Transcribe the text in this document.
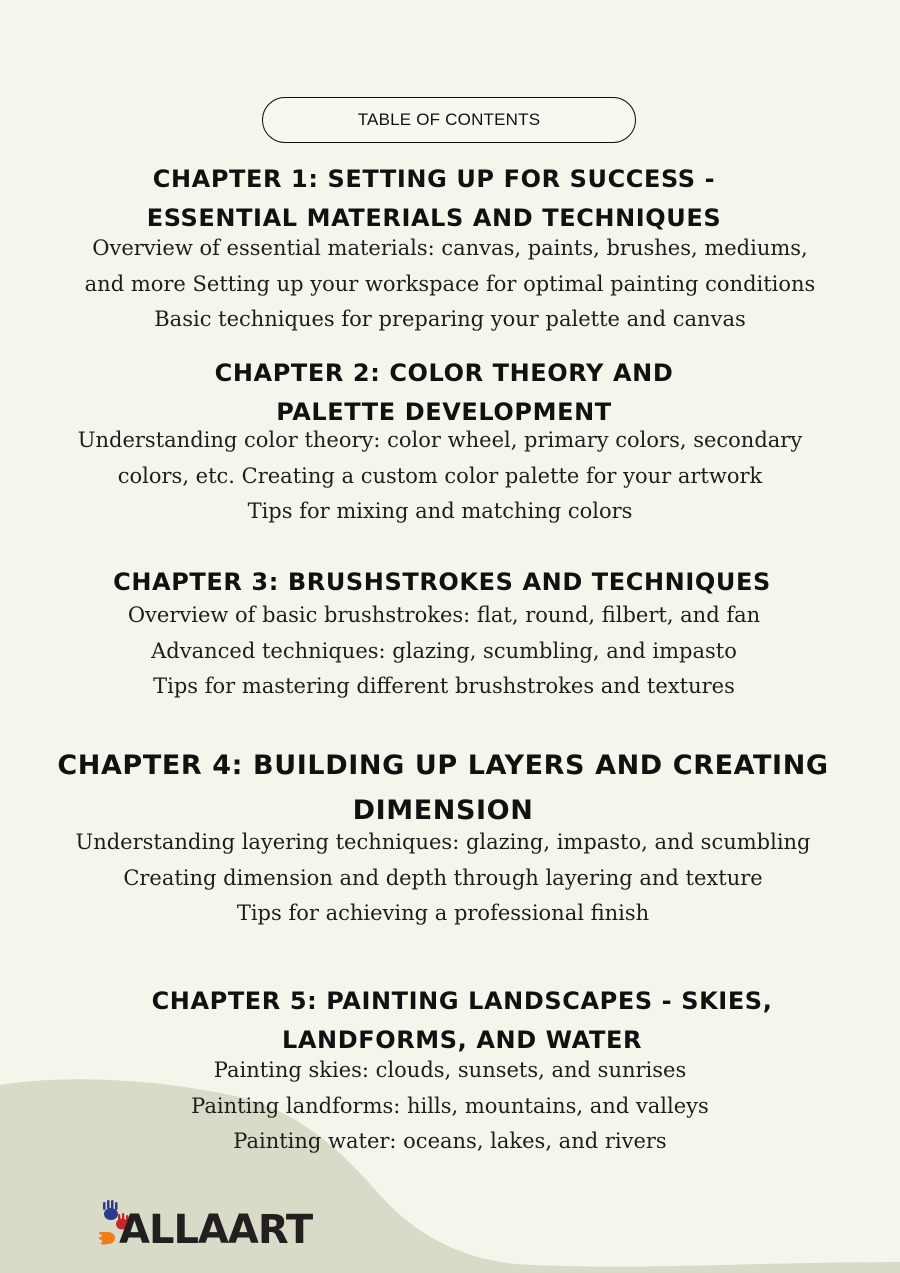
TABLE OF CONTENTS
CHAPTER 1: SETTING UP FOR SUCCESS -
ESSENTIAL MATERIALS AND TECHNIQUES

Overview of essential materials: canvas, paints, brushes, mediums,
and more Setting up your workspace for optimal painting conditions
Basic techniques for preparing your palette and canvas

CHAPTER 2: COLOR THEORY AND
PALETTE DEVELOPMENT

Understanding color theory: color wheel, primary colors, secondary
colors, etc. Creating a custom color palette for your artwork
Tips for mixing and matching colors

CHAPTER 3: BRUSHSTROKES AND TECHNIQUES

Overview of basic brushstrokes: flat, round, filbert, and fan
Advanced techniques: glazing, scumbling, and impasto
Tips for mastering different brushstrokes and textures

CHAPTER 4: BUILDING UP LAYERS AND CREATING
DIMENSION

Understanding layering techniques: glazing, impasto, and scumbling
Creating dimension and depth through layering and texture
Tips for achieving a professional finish

CHAPTER 5: PAINTING LANDSCAPES - SKIES,
LANDFORMS, AND WATER

Painting skies: clouds, sunsets, and sunrises
Painting landforms: hills, mountains, and valleys
Painting water: oceans, lakes, and rivers

ALLAART
